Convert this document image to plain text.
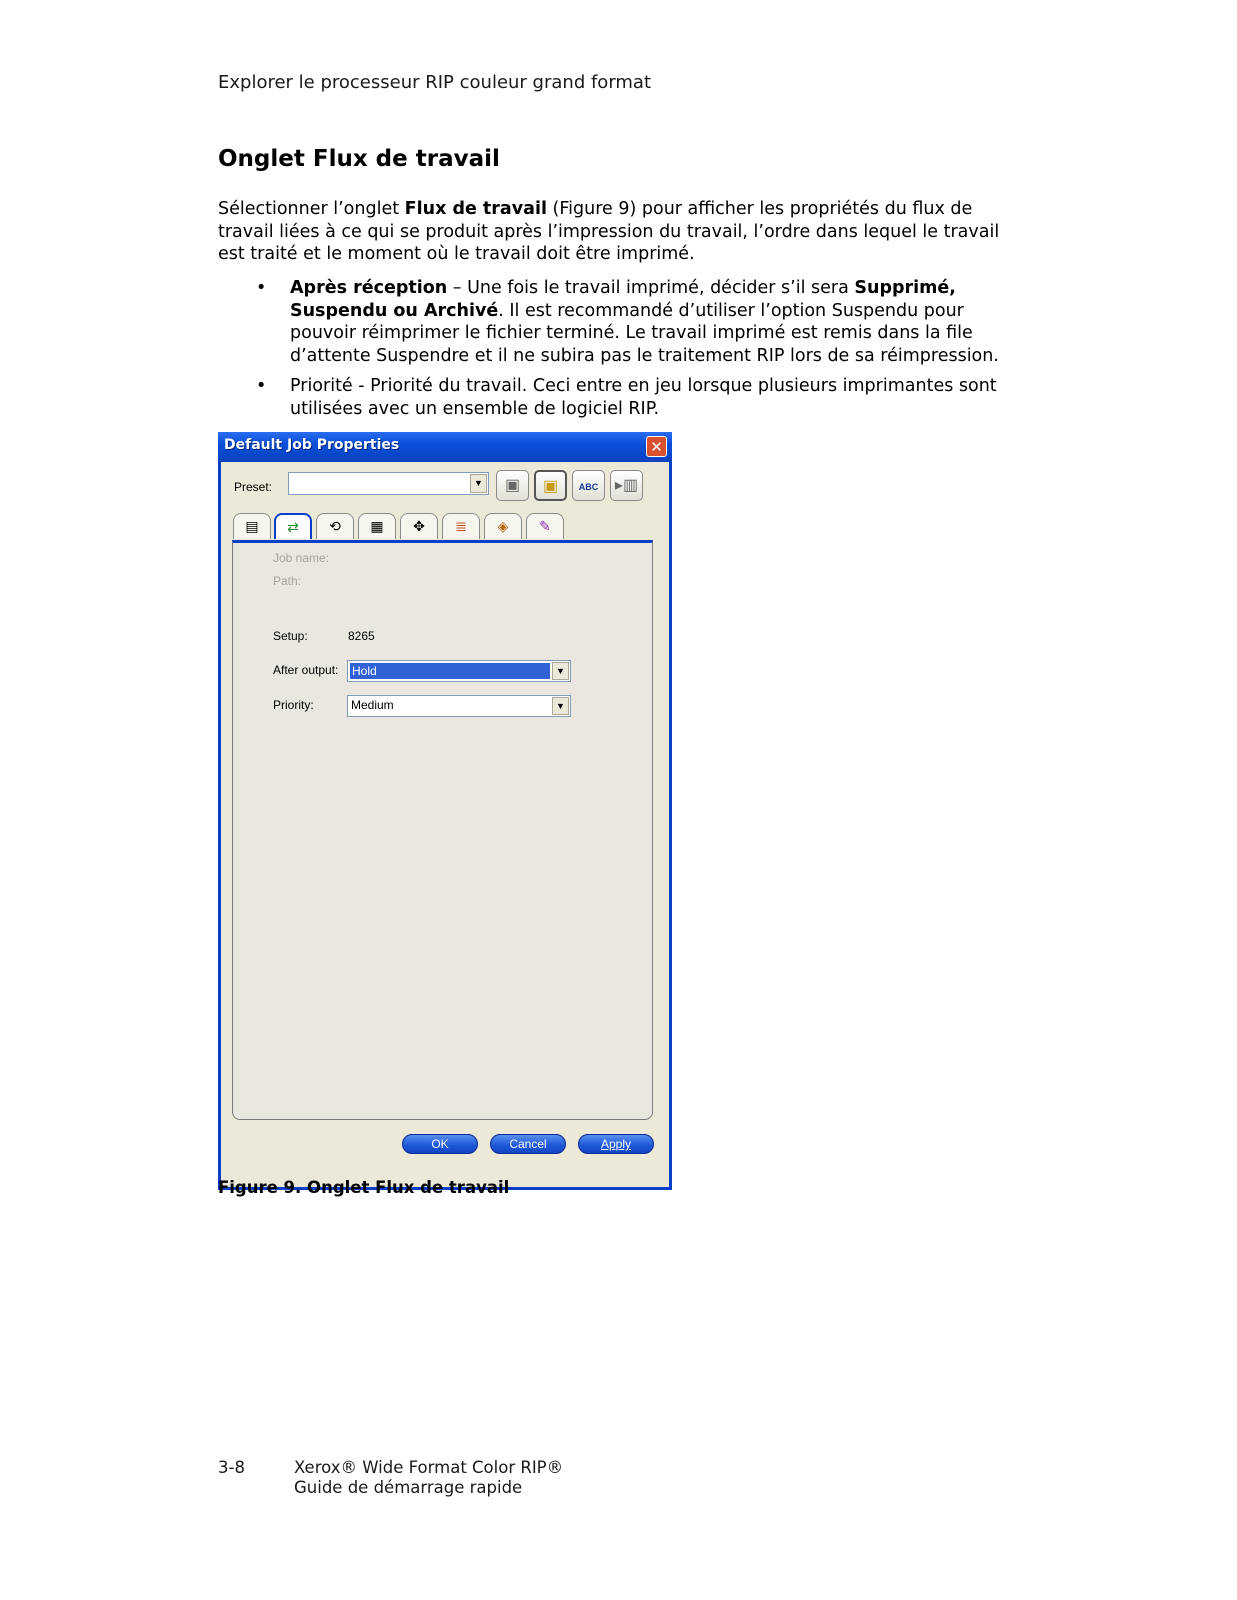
Explorer le processeur RIP couleur grand format
Onglet Flux de travail

Sélectionner l’onglet Flux de travail (Figure 9) pour afficher les propriétés du flux de travail liées à ce qui se produit après l’impression du travail, l’ordre dans lequel le travail est traité et le moment où le travail doit être imprimé.

• Après réception – Une fois le travail imprimé, décider s’il sera Supprimé, Suspendu ou Archivé. Il est recommandé d’utiliser l’option Suspendu pour pouvoir réimprimer le fichier terminé. Le travail imprimé est remis dans la file d’attente Suspendre et il ne subira pas le traitement RIP lors de sa réimpression.
• Priorité - Priorité du travail. Ceci entre en jeu lorsque plusieurs imprimantes sont utilisées avec un ensemble de logiciel RIP.
Default Job Properties	✕
Preset:	▼	▣	▣	ABC	▸▥
▤	⇄	⟲	▦	✥	≣	◈	✎
Job name:
Path:
Setup:	8265
After output: Hold	▼
Priority:	Medium	▼
OK	Cancel	Apply
Figure 9. Onglet Flux de travail
3-8	Xerox® Wide Format Color RIP®
Guide de démarrage rapide
